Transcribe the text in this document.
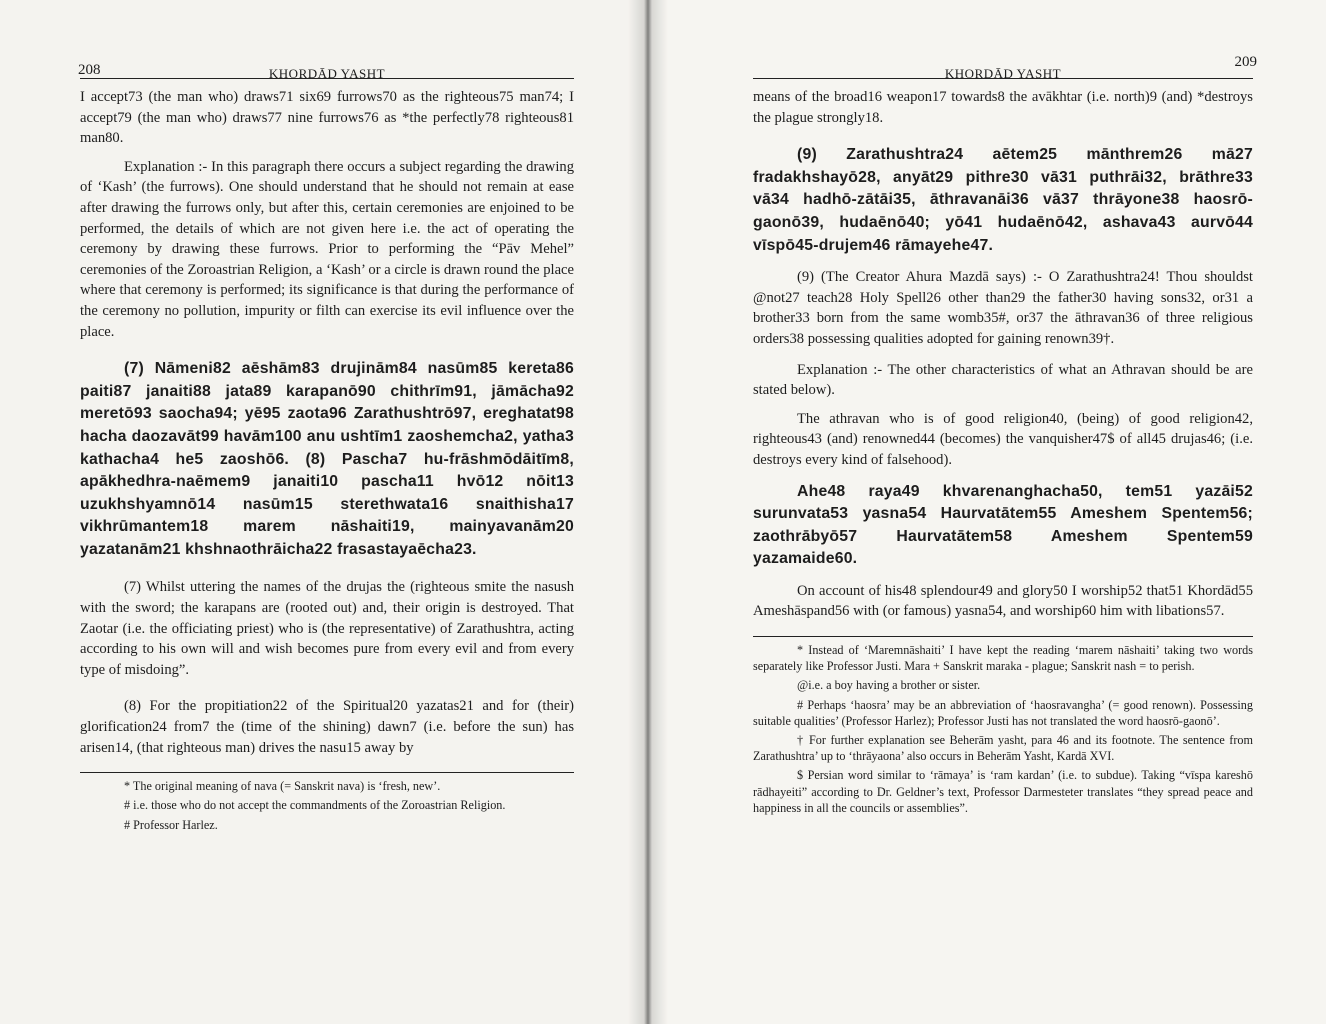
208	KHORDĀD YASHT

I accept73 (the man who) draws71 six69 furrows70 as the righteous75 man74; I accept79 (the man who) draws77 nine furrows76 as *the perfectly78 righteous81 man80.

Explanation :- In this paragraph there occurs a subject regarding the drawing of ‘Kash’ (the furrows). One should understand that he should not remain at ease after drawing the furrows only, but after this, certain ceremonies are enjoined to be performed, the details of which are not given here i.e. the act of operating the ceremony by drawing these furrows. Prior to performing the “Pāv Mehel” ceremonies of the Zoroastrian Religion, a ‘Kash’ or a circle is drawn round the place where that ceremony is performed; its significance is that during the performance of the ceremony no pollution, impurity or filth can exercise its evil influence over the place.

(7) Nāmeni82 aēshām83 drujinām84 nasūm85 kereta86 paiti87 janaiti88 jata89 karapanō90 chithrīm91, jāmācha92 meretō93 saocha94; yē95 zaota96 Zarathushtrō97, ereghatat98 hacha daozavāt99 havām100 anu ushtīm1 zaoshemcha2, yatha3 kathacha4 he5 zaoshō6. (8) Pascha7 hu-frāshmōdāitīm8, apākhedhra-naēmem9 janaiti10 pascha11 hvō12 nōit13 uzukhshyamnō14 nasūm15 sterethwata16 snaithisha17 vikhrūmantem18 marem nāshaiti19, mainyavanām20 yazatanām21 khshnaothrāicha22 frasastayaēcha23.

(7) Whilst uttering the names of the drujas the (righteous smite the nasush with the sword; the karapans are (rooted out) and, their origin is destroyed. That Zaotar (i.e. the officiating priest) who is (the representative) of Zarathushtra, acting according to his own will and wish becomes pure from every evil and from every type of misdoing”.

(8) For the propitiation22 of the Spiritual20 yazatas21 and for (their) glorification24 from7 the (time of the shining) dawn7 (i.e. before the sun) has arisen14, (that righteous man) drives the nasu15 away by

* The original meaning of nava (= Sanskrit nava) is ‘fresh, new’.

# i.e. those who do not accept the commandments of the Zoroastrian Religion.

# Professor Harlez.

KHORDĀD YASHT
209

means of the broad16 weapon17 towards8 the avākhtar (i.e. north)9 (and) *destroys the plague strongly18.

(9) Zarathushtra24 aētem25 mānthrem26 mā27 fradakhshayō28, anyāt29 pithre30 vā31 puthrāi32, brāthre33 vā34 hadhō-zātāi35, āthravanāi36 vā37 thrāyone38 haosrō-gaonō39, hudaēnō40; yō41 hudaēnō42, ashava43 aurvō44 vīspō45-drujem46 rāmayehe47.

(9) (The Creator Ahura Mazdā says) :- O Zarathushtra24! Thou shouldst @not27 teach28 Holy Spell26 other than29 the father30 having sons32, or31 a brother33 born from the same womb35#, or37 the āthravan36 of three religious orders38 possessing qualities adopted for gaining renown39†.

Explanation :- The other characteristics of what an Athravan should be are stated below).

The athravan who is of good religion40, (being) of good religion42, righteous43 (and) renowned44 (becomes) the vanquisher47$ of all45 drujas46; (i.e. destroys every kind of falsehood).

Ahe48 raya49 khvarenanghacha50, tem51 yazāi52 surunvata53 yasna54 Haurvatātem55 Ameshem Spentem56; zaothrābyō57 Haurvatātem58 Ameshem Spentem59 yazamaide60.

On account of his48 splendour49 and glory50 I worship52 that51 Khordād55 Ameshāspand56 with (or famous) yasna54, and worship60 him with libations57.

* Instead of ‘Maremnāshaiti’ I have kept the reading ‘marem nāshaiti’ taking two words separately like Professor Justi. Mara + Sanskrit maraka - plague; Sanskrit nash = to perish.

@i.e. a boy having a brother or sister.

# Perhaps ‘haosra’ may be an abbreviation of ‘haosravangha’ (= good renown). Possessing suitable qualities’ (Professor Harlez); Professor Justi has not translated the word haosrō-gaonō’.

† For further explanation see Beherām yasht, para 46 and its footnote. The sentence from Zarathushtra’ up to ‘thrāyaona’ also occurs in Beherām Yasht, Kardā XVI.

$ Persian word similar to ‘rāmaya’ is ‘ram kardan’ (i.e. to subdue). Taking “vīspa kareshō rādhayeiti” according to Dr. Geldner’s text, Professor Darmesteter translates “they spread peace and happiness in all the councils or assemblies”.
